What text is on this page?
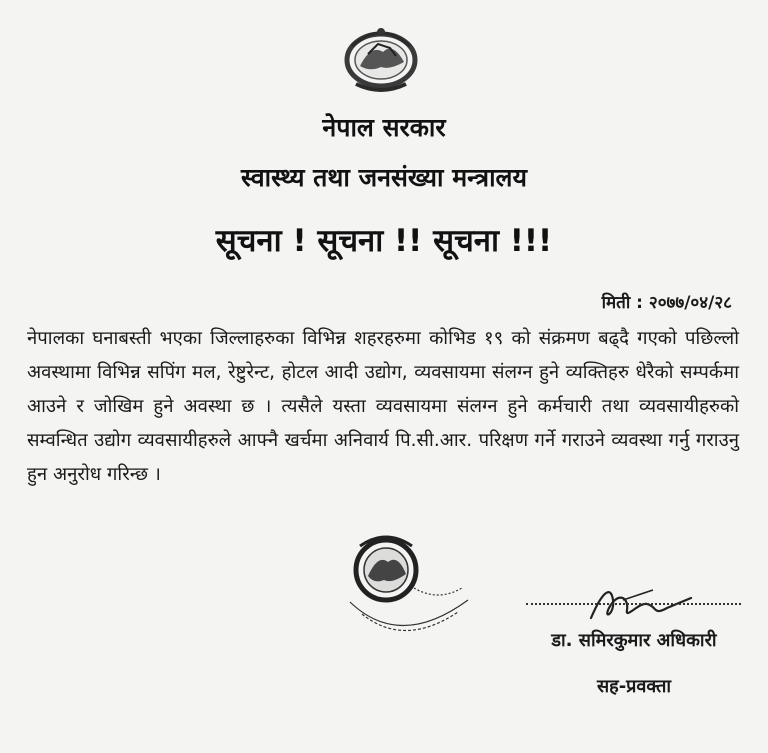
नेपाल सरकार
स्वास्थ्य तथा जनसंख्या मन्त्रालय
सूचना ! सूचना !! सूचना !!!
मिती : २०७७/०४/२८
नेपालका घनाबस्ती भएका जिल्लाहरुका विभिन्न शहरहरुमा कोभिड १९ को संक्रमण बढ्दै गएको पछिल्लो अवस्थामा विभिन्न सपिंग मल, रेष्टुरेन्ट, होटल आदी उद्योग, व्यवसायमा संलग्न हुने व्यक्तिहरु धेरैको सम्पर्कमा आउने र जोखिम हुने अवस्था छ । त्यसैले यस्ता व्यवसायमा संलग्न हुने कर्मचारी तथा व्यवसायीहरुको सम्वन्धित उद्योग व्यवसायीहरुले आफ्नै खर्चमा अनिवार्य पि.सी.आर. परिक्षण गर्ने गराउने व्यवस्था गर्नु गराउनु हुन अनुरोध गरिन्छ ।
डा. समिरकुमार अधिकारी
सह-प्रवक्ता
